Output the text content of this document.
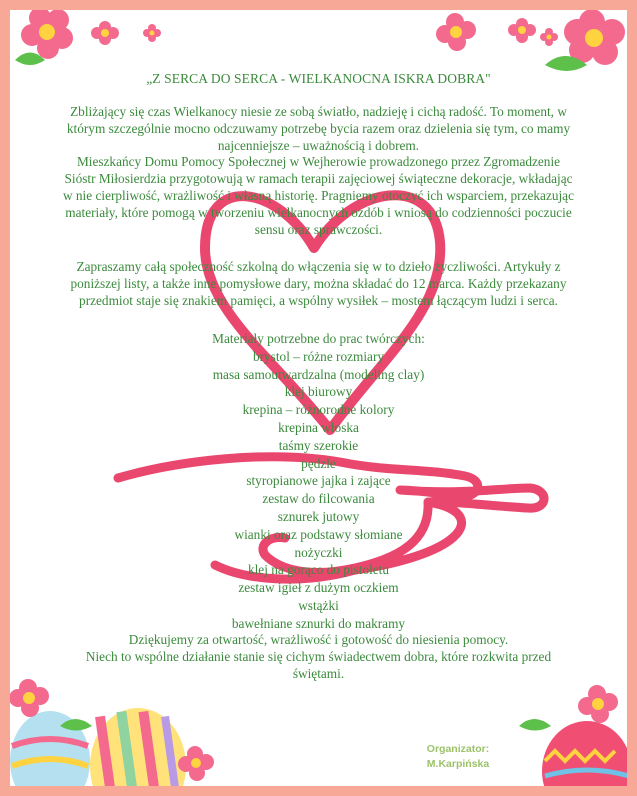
„Z SERCA DO SERCA - WIELKANOCNA ISKRA DOBRA"

Zbliżający się czas Wielkanocy niesie ze sobą światło, nadzieję i cichą radość. To moment, w

którym szczególnie mocno odczuwamy potrzebę bycia razem oraz dzielenia się tym, co mamy

najcenniejsze – uważnością i dobrem.

Mieszkańcy Domu Pomocy Społecznej w Wejherowie prowadzonego przez Zgromadzenie

Sióstr Miłosierdzia przygotowują w ramach terapii zajęciowej świąteczne dekoracje, wkładając

w nie cierpliwość, wrażliwość i własną historię. Pragniemy otoczyć ich wsparciem, przekazując

materiały, które pomogą w tworzeniu wielkanocnych ozdób i wniosą do codzienności poczucie

sensu oraz sprawczości.

Zapraszamy całą społeczność szkolną do włączenia się w to dzieło życzliwości. Artykuły z

poniższej listy, a także inne pomysłowe dary, można składać do 12 marca. Każdy przekazany

przedmiot staje się znakiem pamięci, a wspólny wysiłek – mostem łączącym ludzi i serca.

Materiały potrzebne do prac twórczych:
brystol – różne rozmiary
masa samoutwardzalna (modeling clay)
klej biurowy
krepina – różnorodne kolory
krepina włoska
taśmy szerokie
pędzle
styropianowe jajka i zające
zestaw do filcowania
sznurek jutowy
wianki oraz podstawy słomiane
nożyczki
klej na gorąco do pistoletu
zestaw igieł z dużym oczkiem
wstążki
bawełniane sznurki do makramy

Dziękujemy za otwartość, wrażliwość i gotowość do niesienia pomocy.

Niech to wspólne działanie stanie się cichym świadectwem dobra, które rozkwita przed

świętami.

Organizator:
M.Karpińska
